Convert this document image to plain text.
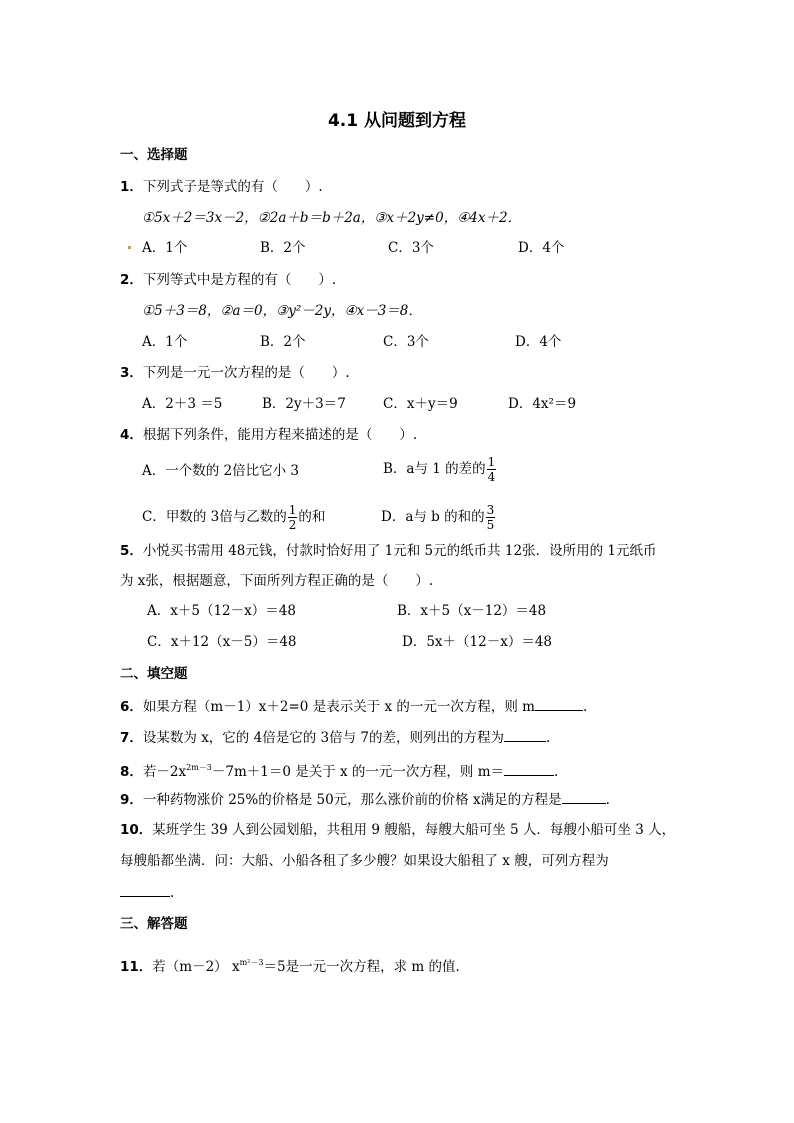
4.1 从问题到方程
一、选择题
1．下列式子是等式的有（　　）.
①5x＋2＝3x－2，②2a＋b＝b＋2a，③x＋2y≠0，④4x＋2．
A．1个	B．2个	C．3个	D．4个
2．下列等式中是方程的有（　　）.
①5＋3＝8，②a＝0，③y²－2y，④x－3＝8．
A．1个	B．2个	C．3个	D．4个
3．下列是一元一次方程的是（　　）.
A．2＋3 ＝5	B．2y＋3＝7	C．x＋y＝9	D．4x²＝9
4．根据下列条件，能用方程来描述的是（　　）.
A．一个数的 2倍比它小 3	B．a与 1 的差的 $\frac{1}{4}$
C．甲数的 3倍与乙数的 $\frac{1}{2}$ 的和	D．a与 b 的和的 $\frac{3}{5}$
5．小悦买书需用 48元钱，付款时恰好用了 1元和 5元的纸币共 12张．设所用的 1元纸币
为 x张，根据题意，下面所列方程正确的是（　　）.
A．x＋5（12－x）＝48	B．x＋5（x－12）＝48
C．x＋12（x－5）＝48	D．5x＋（12－x）＝48
二、填空题
6．如果方程（m－1）x＋2=0 是表示关于 x 的一元一次方程，则 m	.
7．设某数为 x，它的 4倍是它的 3倍与 7的差，则列出的方程为	.
8．若$-2x^{2m-3}-7m+1=0$ 是关于 x 的一元一次方程，则 m＝	.
9．一种药物涨价 25%的价格是 50元，那么涨价前的价格 x满足的方程是	.
10．某班学生 39 人到公园划船，共租用 9 艘船，每艘大船可坐 5 人．每艘小船可坐 3 人，
每艘船都坐满．问：大船、小船各租了多少艘？如果设大船租了 x 艘，可列方程为
.
三、解答题
11．若（m－2） $x^{m^2-3}=5$是一元一次方程，求 m 的值．
